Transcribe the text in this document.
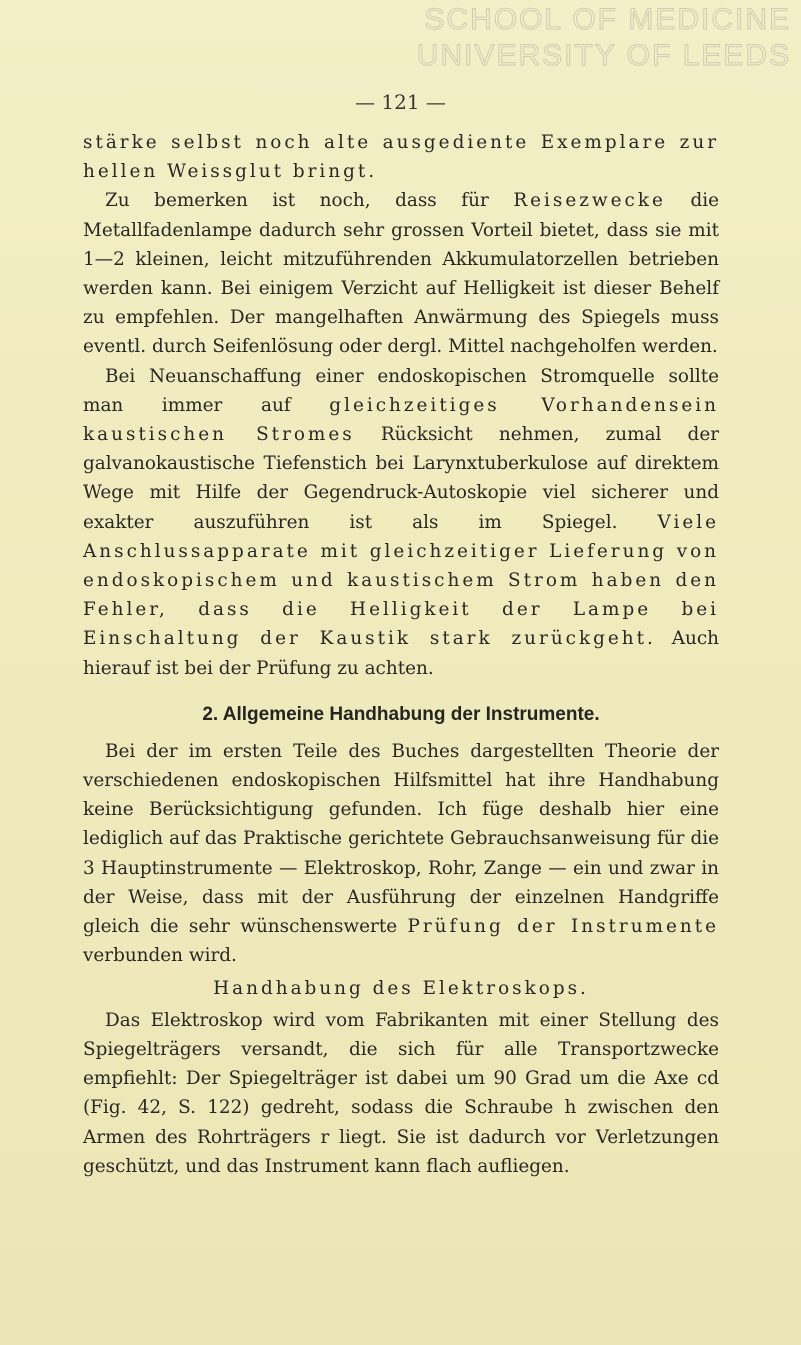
SCHOOL OF MEDICINE
UNIVERSITY OF LEEDS
— 121 —

stärke selbst noch alte ausgediente Exemplare zur hellen Weissglut bringt.

Zu bemerken ist noch, dass für Reisezwecke die Metallfadenlampe dadurch sehr grossen Vorteil bietet, dass sie mit 1—2 kleinen, leicht mitzuführenden Akkumulatorzellen betrieben werden kann. Bei einigem Verzicht auf Helligkeit ist dieser Behelf zu empfehlen. Der mangelhaften Anwärmung des Spiegels muss eventl. durch Seifenlösung oder dergl. Mittel nachgeholfen werden.

Bei Neuanschaffung einer endoskopischen Stromquelle sollte man immer auf gleichzeitiges Vorhandensein kaustischen Stromes Rücksicht nehmen, zumal der galvanokaustische Tiefenstich bei Larynxtuberkulose auf direktem Wege mit Hilfe der Gegendruck-Autoskopie viel sicherer und exakter auszuführen ist als im Spiegel. Viele Anschlussapparate mit gleichzeitiger Lieferung von endoskopischem und kaustischem Strom haben den Fehler, dass die Helligkeit der Lampe bei Einschaltung der Kaustik stark zurückgeht. Auch hierauf ist bei der Prüfung zu achten.

2. Allgemeine Handhabung der Instrumente.

Bei der im ersten Teile des Buches dargestellten Theorie der verschiedenen endoskopischen Hilfsmittel hat ihre Handhabung keine Berücksichtigung gefunden. Ich füge deshalb hier eine lediglich auf das Praktische gerichtete Gebrauchsanweisung für die 3 Hauptinstrumente — Elektroskop, Rohr, Zange — ein und zwar in der Weise, dass mit der Ausführung der einzelnen Handgriffe gleich die sehr wünschenswerte Prüfung der Instrumente verbunden wird.

Handhabung des Elektroskops.

Das Elektroskop wird vom Fabrikanten mit einer Stellung des Spiegelträgers versandt, die sich für alle Transportzwecke empfiehlt: Der Spiegelträger ist dabei um 90 Grad um die Axe cd (Fig. 42, S. 122) gedreht, sodass die Schraube h zwischen den Armen des Rohrträgers r liegt. Sie ist dadurch vor Verletzungen geschützt, und das Instrument kann flach aufliegen.
